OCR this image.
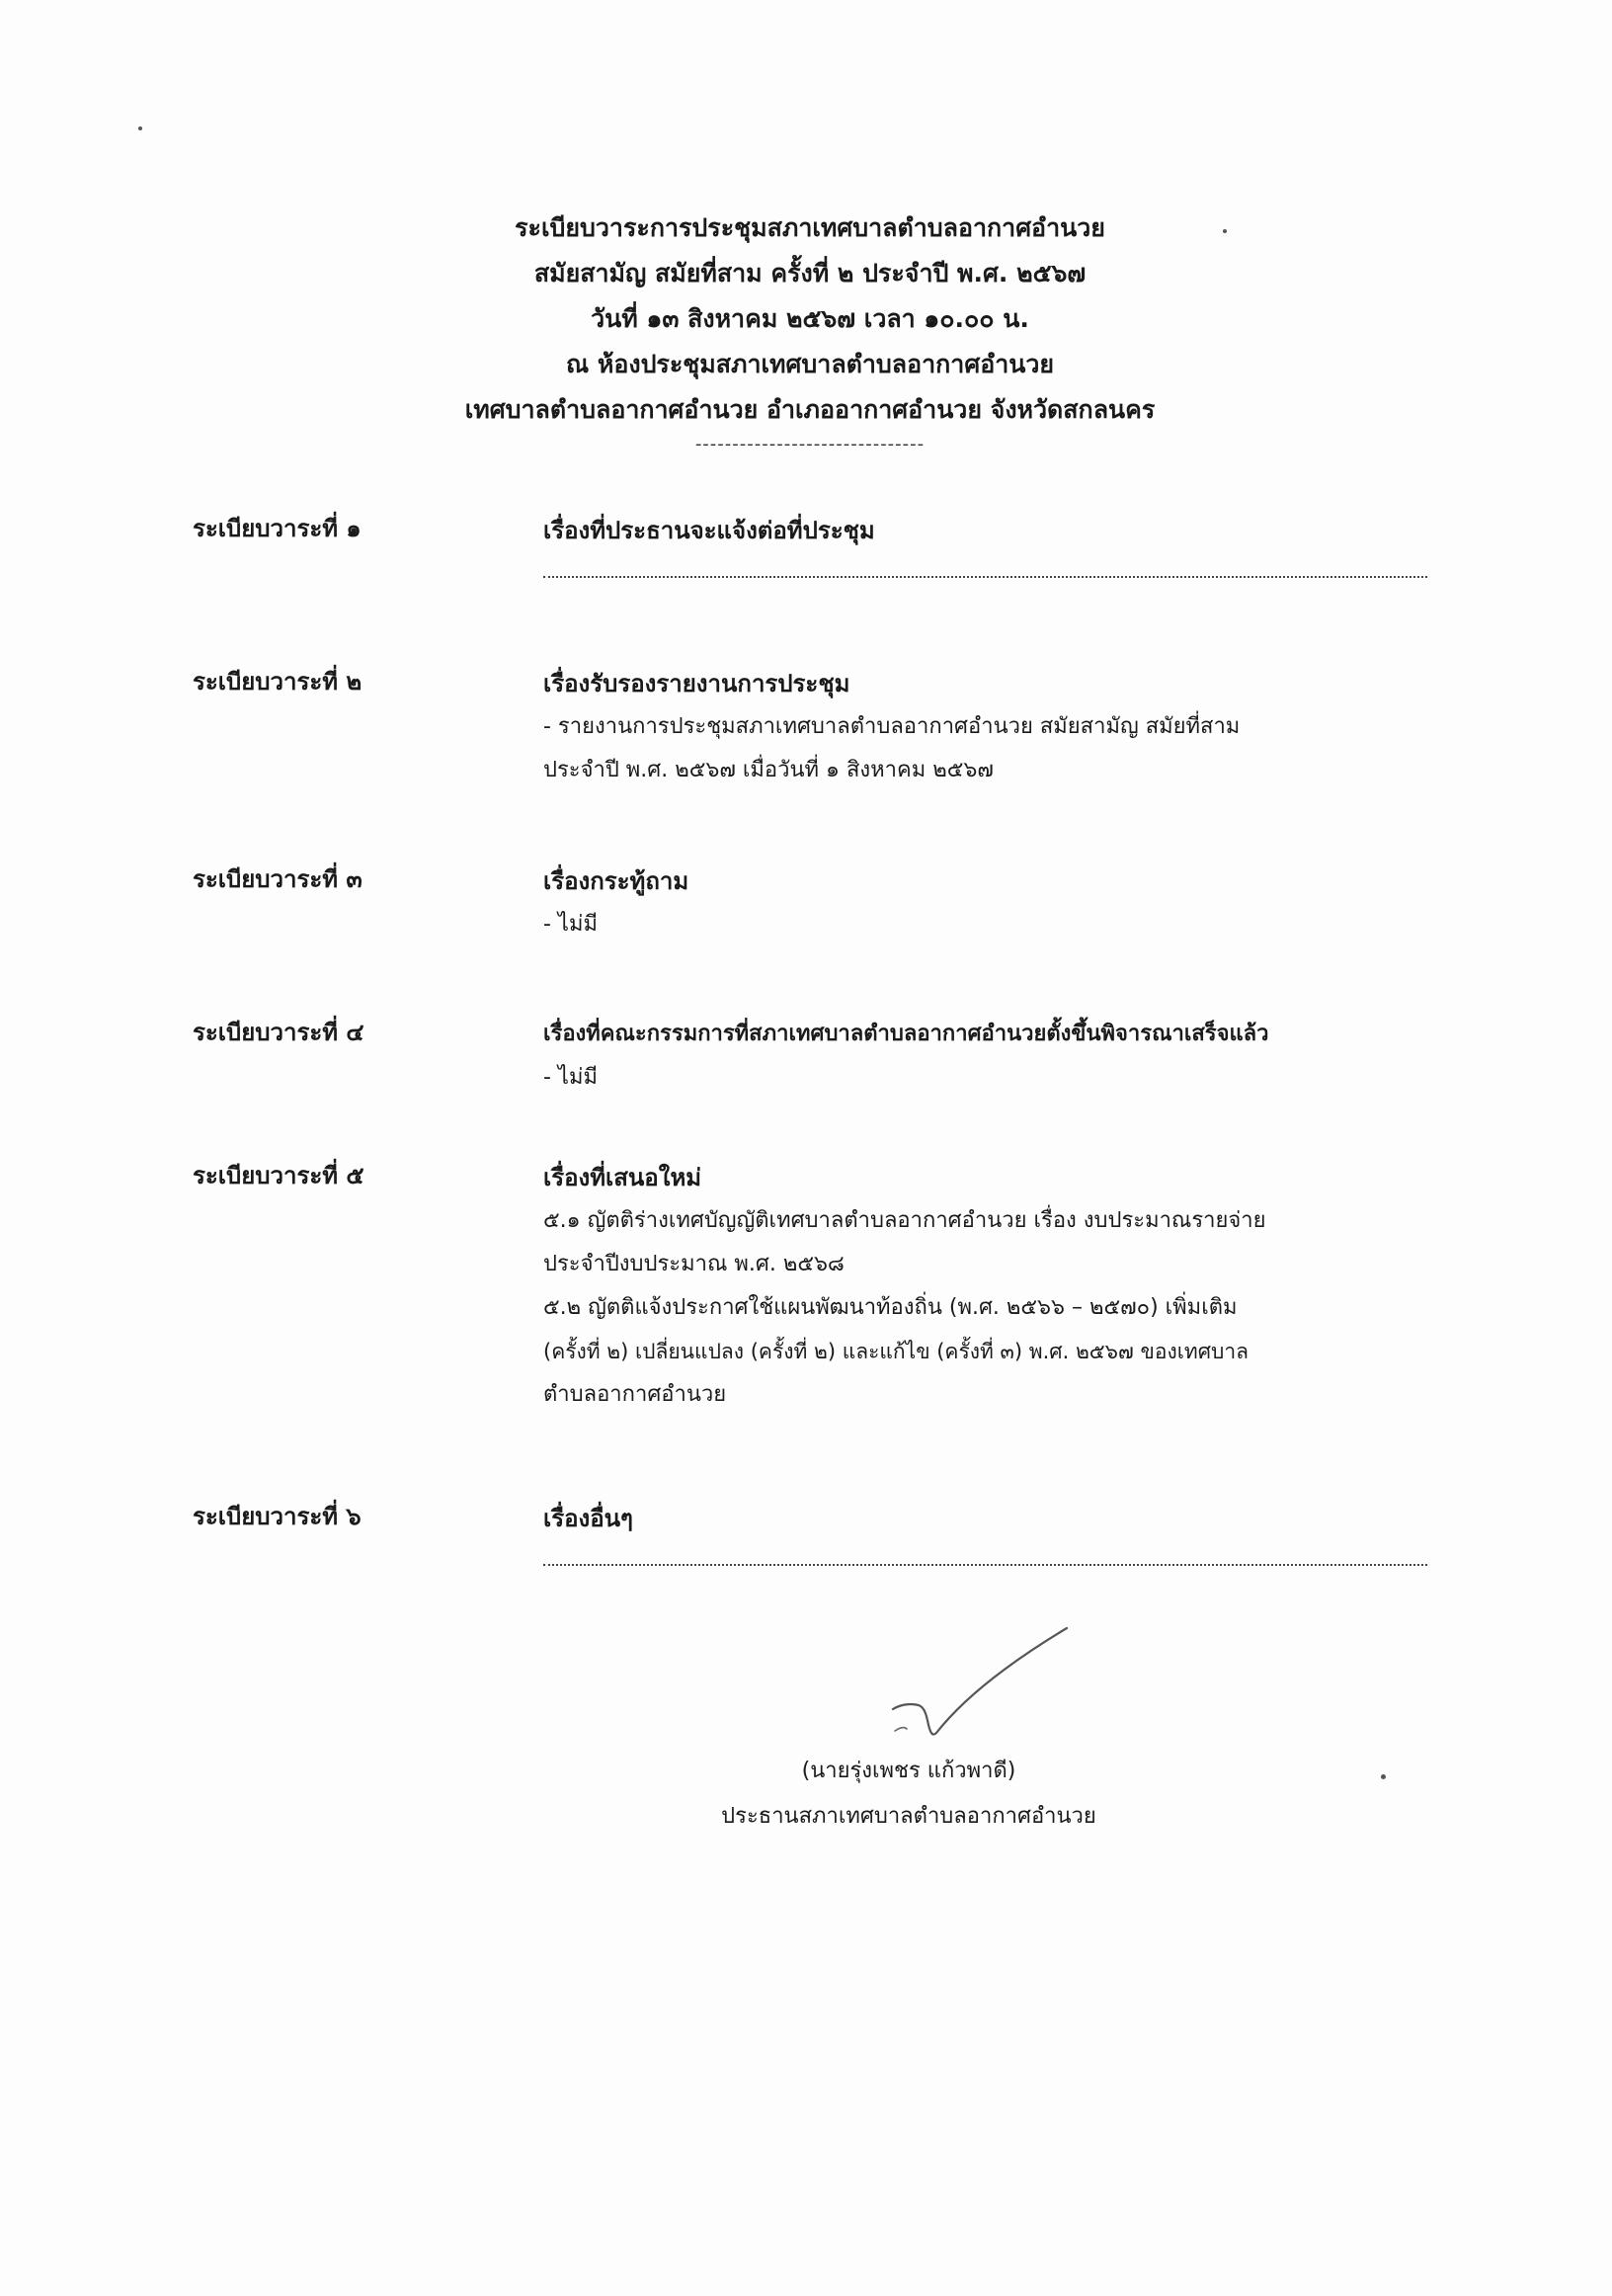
ระเบียบวาระการประชุมสภาเทศบาลตำบลอากาศอำนวย
สมัยสามัญ สมัยที่สาม ครั้งที่ ๒ ประจำปี พ.ศ. ๒๕๖๗
วันที่ ๑๓ สิงหาคม ๒๕๖๗ เวลา ๑๐.๐๐ น.
ณ ห้องประชุมสภาเทศบาลตำบลอากาศอำนวย
เทศบาลตำบลอากาศอำนวย อำเภออากาศอำนวย จังหวัดสกลนคร
-------------------------------
ระเบียบวาระที่ ๑	เรื่องที่ประธานจะแจ้งต่อที่ประชุม
ระเบียบวาระที่ ๒	เรื่องรับรองรายงานการประชุม
- รายงานการประชุมสภาเทศบาลตำบลอากาศอำนวย สมัยสามัญ สมัยที่สาม
ประจำปี พ.ศ. ๒๕๖๗ เมื่อวันที่ ๑ สิงหาคม ๒๕๖๗
ระเบียบวาระที่ ๓	เรื่องกระทู้ถาม
- ไม่มี
ระเบียบวาระที่ ๔	เรื่องที่คณะกรรมการที่สภาเทศบาลตำบลอากาศอำนวยตั้งขึ้นพิจารณาเสร็จแล้ว
- ไม่มี
ระเบียบวาระที่ ๕	เรื่องที่เสนอใหม่
๕.๑ ญัตติร่างเทศบัญญัติเทศบาลตำบลอากาศอำนวย เรื่อง งบประมาณรายจ่าย
ประจำปีงบประมาณ พ.ศ. ๒๕๖๘
๕.๒ ญัตติแจ้งประกาศใช้แผนพัฒนาท้องถิ่น (พ.ศ. ๒๕๖๖ – ๒๕๗๐) เพิ่มเติม
(ครั้งที่ ๒) เปลี่ยนแปลง (ครั้งที่ ๒) และแก้ไข (ครั้งที่ ๓) พ.ศ. ๒๕๖๗ ของเทศบาล
ตำบลอากาศอำนวย
ระเบียบวาระที่ ๖	เรื่องอื่นๆ
(นายรุ่งเพชร แก้วพาดี)
ประธานสภาเทศบาลตำบลอากาศอำนวย
